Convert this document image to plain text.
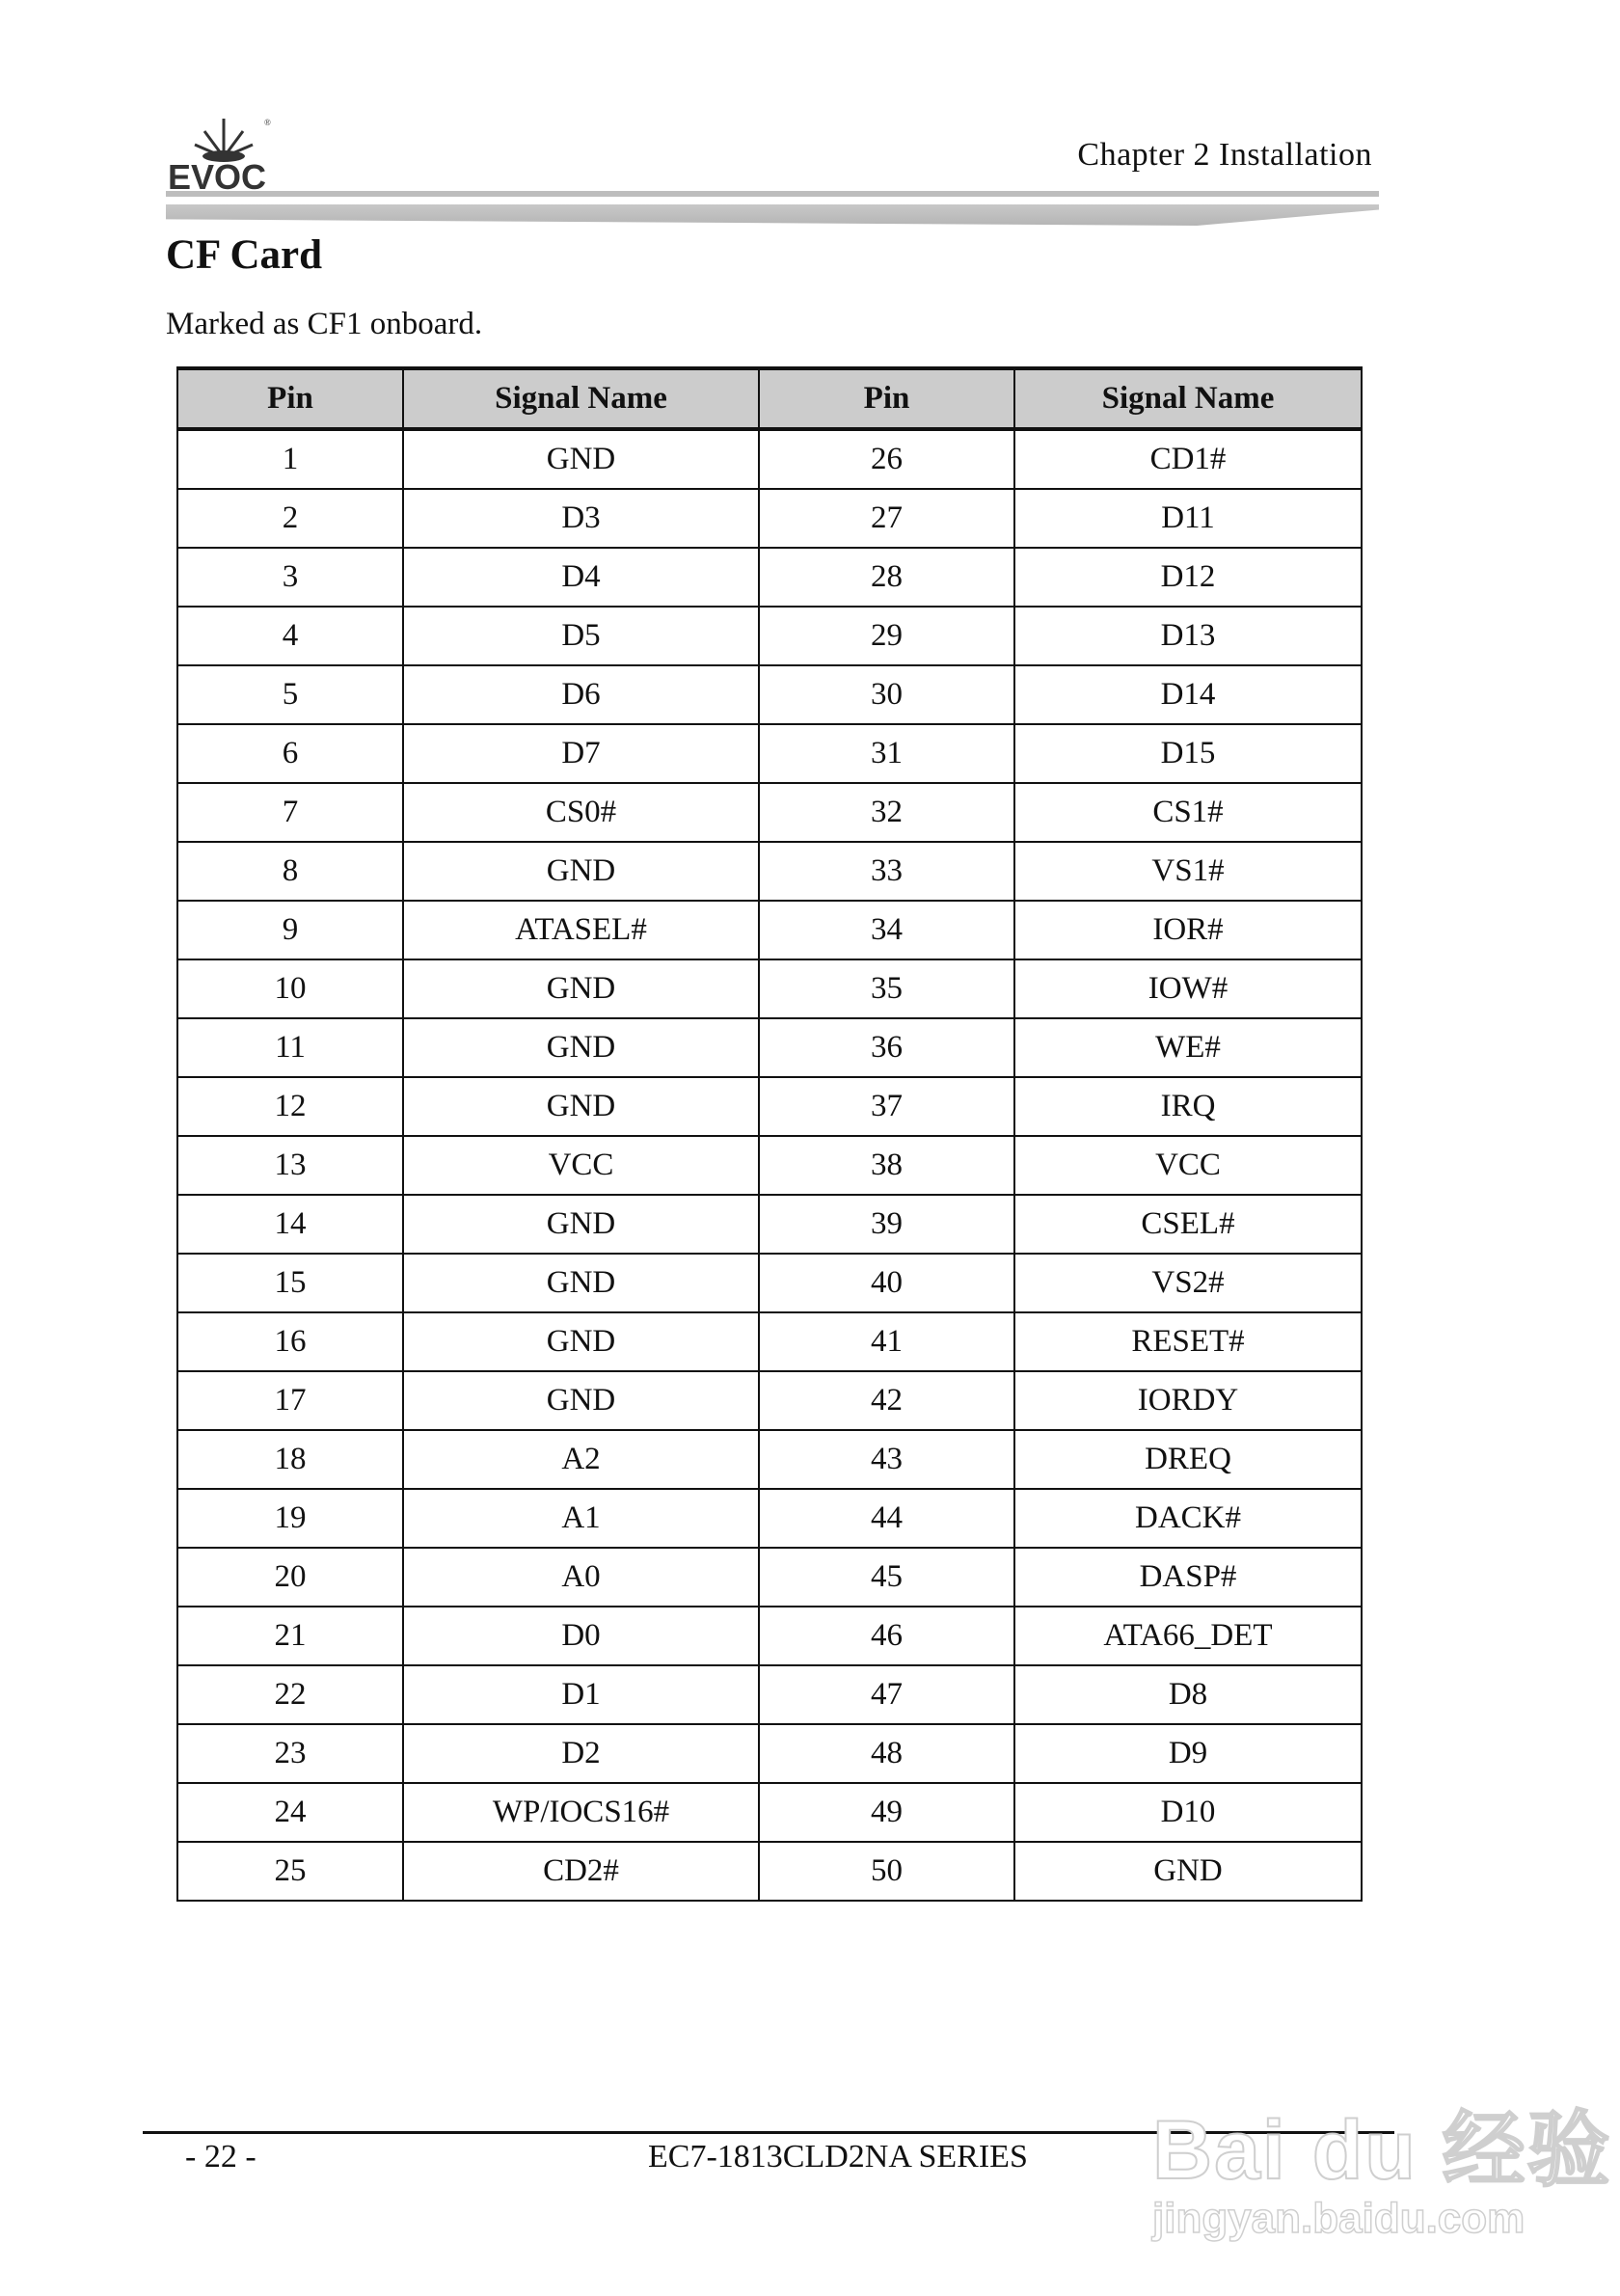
EVOC
®
Chapter 2 Installation
CF Card
Marked as CF1 onboard.
Pin	Signal Name	Pin	Signal Name
1	GND	26	CD1#
2	D3	27	D11
3	D4	28	D12
4	D5	29	D13
5	D6	30	D14
6	D7	31	D15
7	CS0#	32	CS1#
8	GND	33	VS1#
9	ATASEL#	34	IOR#
10	GND	35	IOW#
11	GND	36	WE#
12	GND	37	IRQ
13	VCC	38	VCC
14	GND	39	CSEL#
15	GND	40	VS2#
16	GND	41	RESET#
17	GND	42	IORDY
18	A2	43	DREQ
19	A1	44	DACK#
20	A0	45	DASP#
21	D0	46	ATA66_DET
22	D1	47	D8
23	D2	48	D9
24	WP/IOCS16#	49	D10
25	CD2#	50	GND
- 22 -	EC7-1813CLD2NA SERIES Bai du 经验
jingyan.baidu.com
